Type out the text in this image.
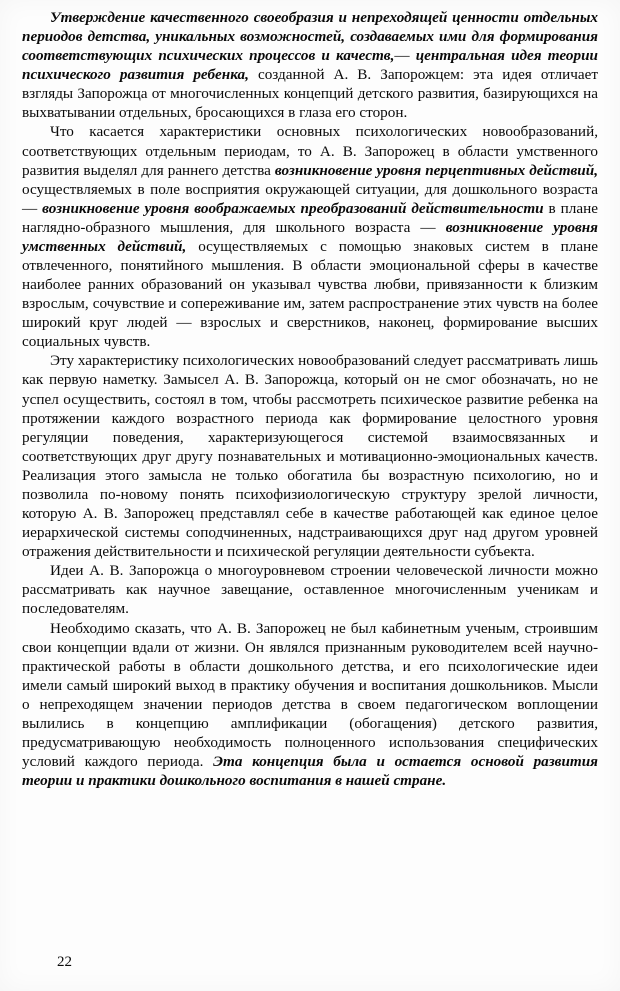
Утверждение качественного своеобразия и непреходящей ценности отдельных периодов детства, уникальных возможностей, создаваемых ими для формирования соответствующих психических процессов и качеств,— центральная идея теории психического развития ребенка, созданной А. В. Запорожцем: эта идея отличает взгляды Запорожца от многочисленных концепций детского развития, базирующихся на выхватывании отдельных, бросающихся в глаза его сторон.

Что касается характеристики основных психологических новообразований, соответствующих отдельным периодам, то А. В. Запорожец в области умственного развития выделял для раннего детства возникновение уровня перцептивных действий, осуществляемых в поле восприятия окружающей ситуации, для дошкольного возраста— возникновение уровня воображаемых преобразований действительности в плане наглядно-образного мышления, для школьного возраста — возникновение уровня умственных действий, осуществляемых с помощью знаковых систем в плане отвлеченного, понятийного мышления. В области эмоциональной сферы в качестве наиболее ранних образований он указывал чувства любви, привязанности к близким взрослым, сочувствие и сопереживание им, затем распространение этих чувств на более широкий круг людей — взрослых и сверстников, наконец, формирование высших социальных чувств.

Эту характеристику психологических новообразований следует рассматривать лишь как первую наметку. Замысел А. В. Запорожца, который он не смог обозначать, но не успел осуществить, состоял в том, чтобы рассмотреть психическое развитие ребенка на протяжении каждого возрастного периода как формирование целостного уровня регуляции поведения, характеризующегося системой взаимосвязанных и соответствующих друг другу познавательных и мотивационно-эмоциональных качеств. Реализация этого замысла не только обогатила бы возрастную психологию, но и позволила по-новому понять психофизиологическую структуру зрелой личности, которую А. В. Запорожец представлял себе в качестве работающей как единое целое иерархической системы соподчиненных, надстраивающихся друг над другом уровней отражения действительности и психической регуляции деятельности субъекта.

Идеи А. В. Запорожца о многоуровневом строении человеческой личности можно рассматривать как научное завещание, оставленное многочисленным ученикам и последователям.

Необходимо сказать, что А. В. Запорожец не был кабинетным ученым, строившим свои концепции вдали от жизни. Он являлся признанным руководителем всей научно-практической работы в области дошкольного детства, и его психологические идеи имели самый широкий выход в практику обучения и воспитания дошкольников. Мысли о непреходящем значении периодов детства в своем педагогическом воплощении вылились в концепцию амплификации (обогащения) детского развития, предусматривающую необходимость полноценного использования специфических условий каждого периода. Эта концепция была и остается основой развития теории и практики дошкольного воспитания в нашей стране.

22
